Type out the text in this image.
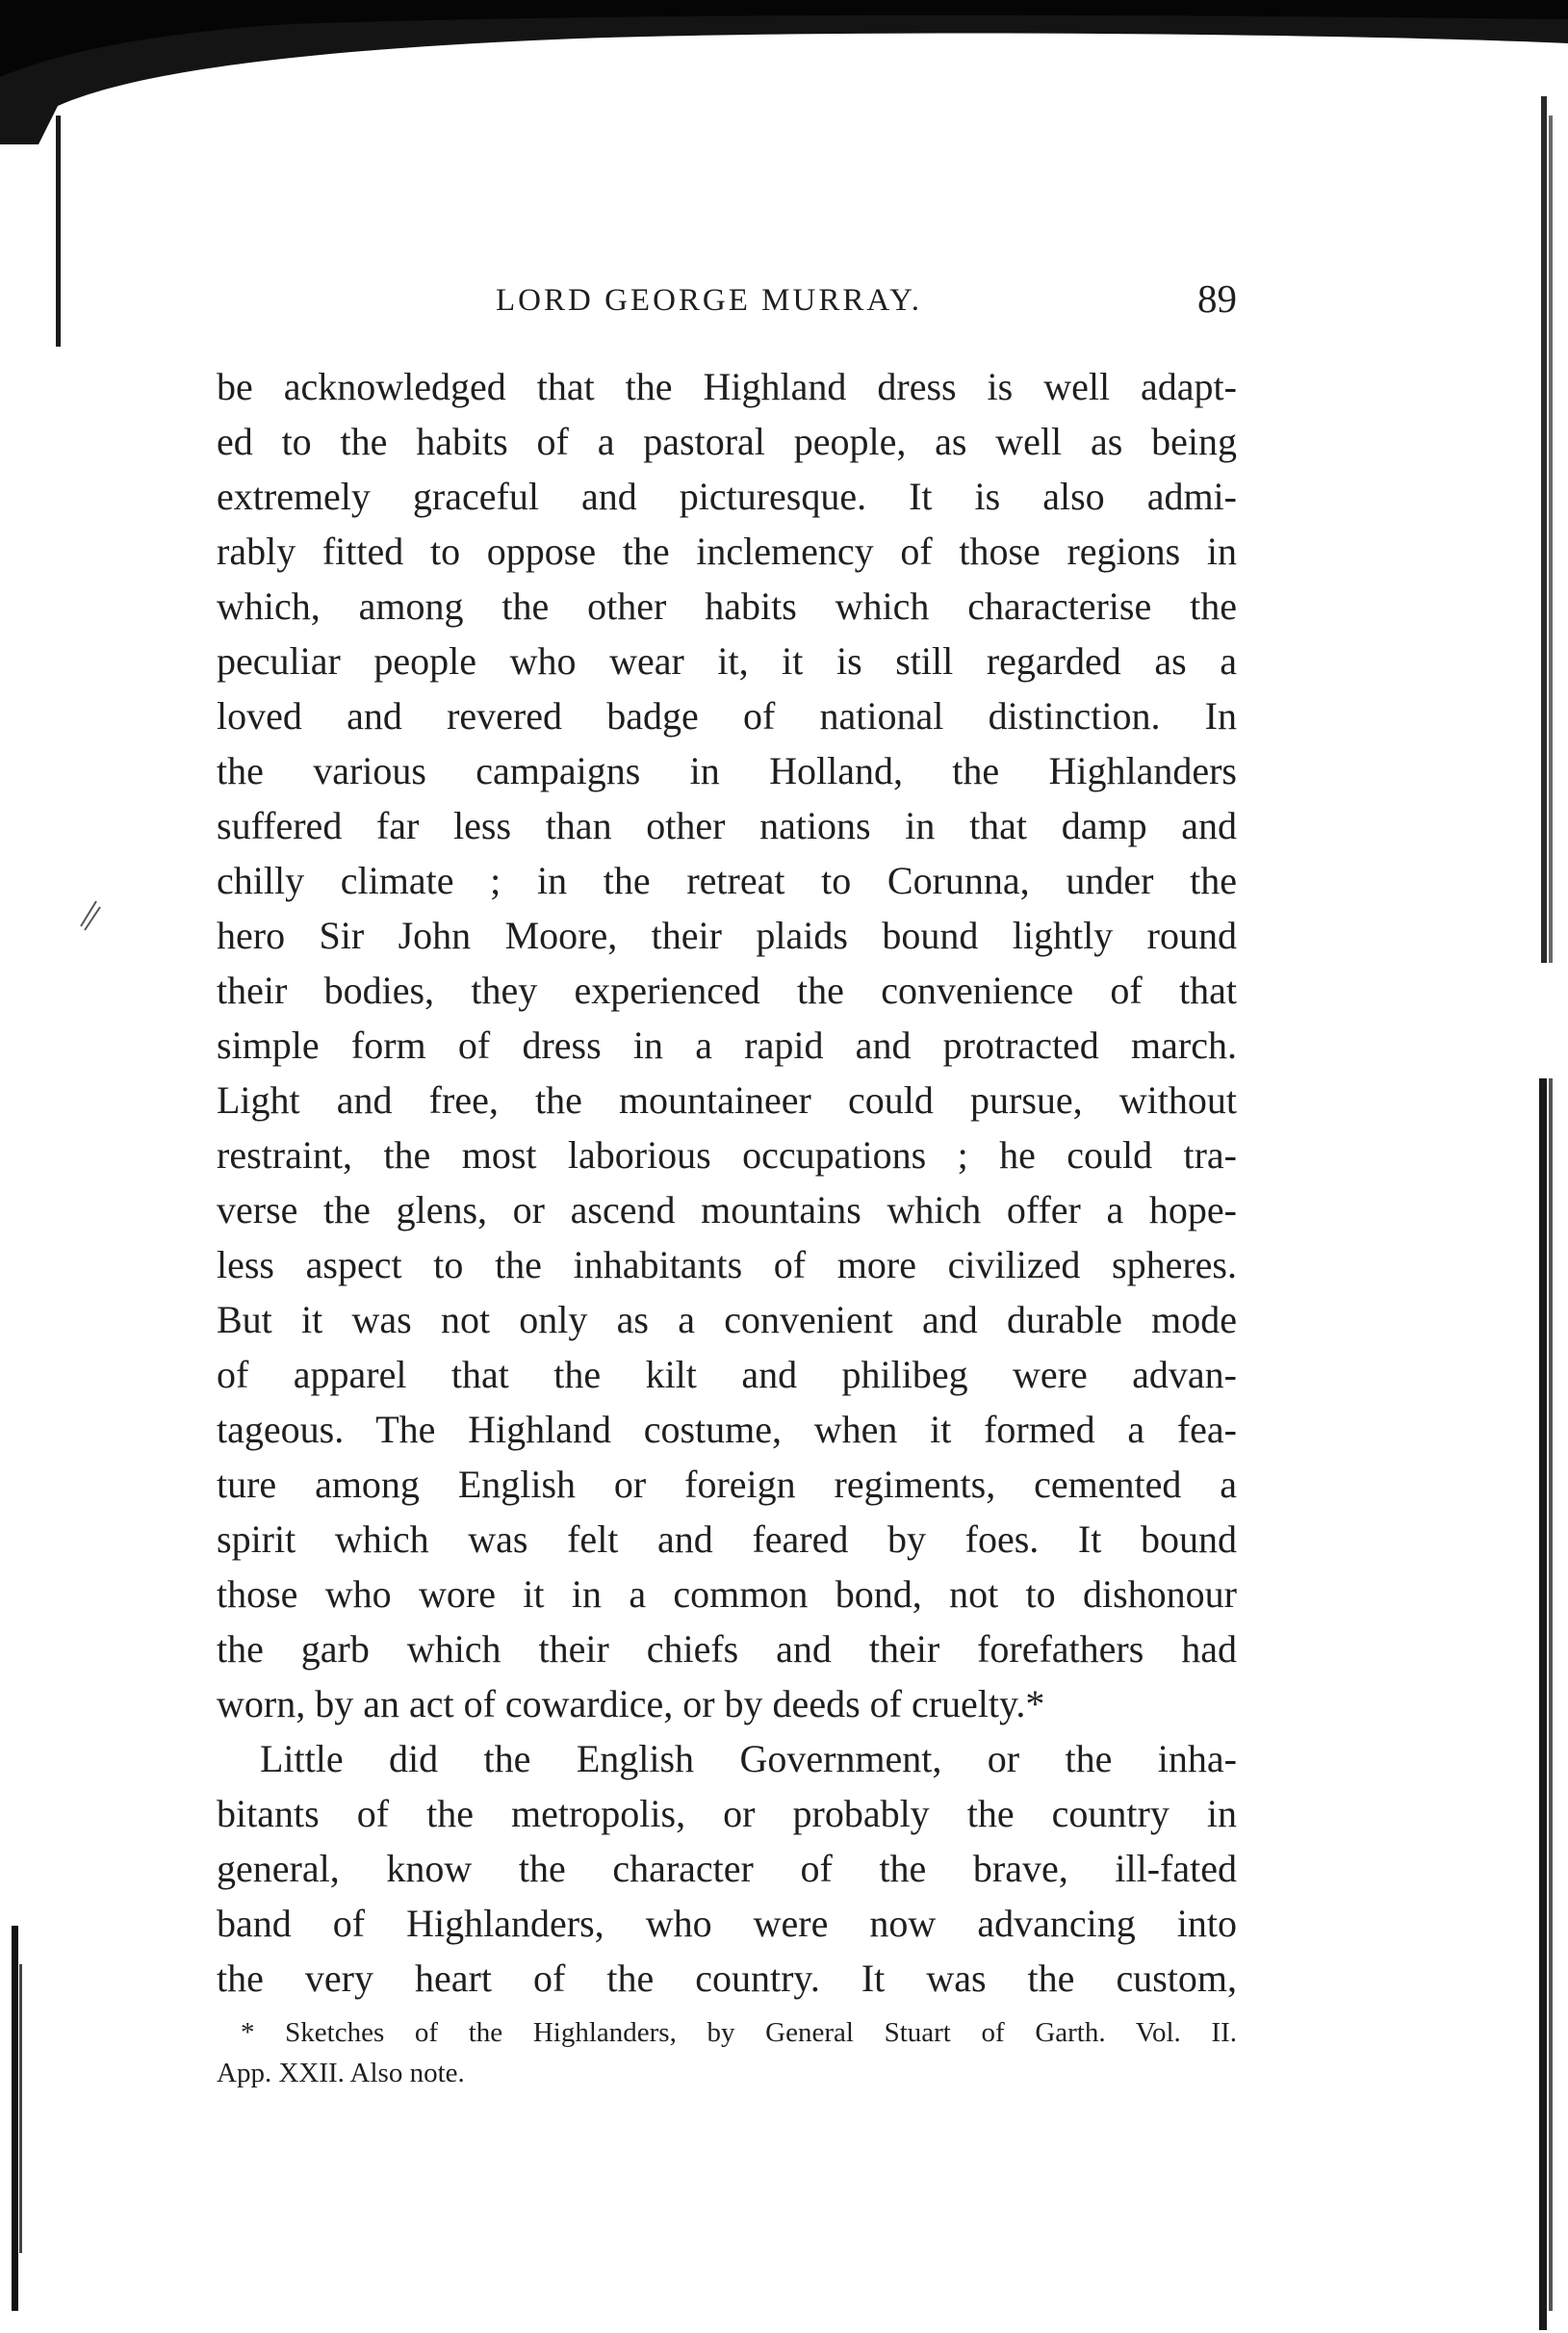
LORD GEORGE MURRAY.	89
be acknowledged that the Highland dress is well adapt-
ed to the habits of a pastoral people, as well as being
extremely graceful and picturesque. It is also admi-
rably fitted to oppose the inclemency of those regions in
which, among the other habits which characterise the
peculiar people who wear it, it is still regarded as a
loved and revered badge of national distinction. In
the various campaigns in Holland, the Highlanders
suffered far less than other nations in that damp and
chilly climate ; in the retreat to Corunna, under the
hero Sir John Moore, their plaids bound lightly round
their bodies, they experienced the convenience of that
simple form of dress in a rapid and protracted march.
Light and free, the mountaineer could pursue, without
restraint, the most laborious occupations ; he could tra-
verse the glens, or ascend mountains which offer a hope-
less aspect to the inhabitants of more civilized spheres.
But it was not only as a convenient and durable mode
of apparel that the kilt and philibeg were advan-
tageous. The Highland costume, when it formed a fea-
ture among English or foreign regiments, cemented a
spirit which was felt and feared by foes. It bound
those who wore it in a common bond, not to dishonour
the garb which their chiefs and their forefathers had
worn, by an act of cowardice, or by deeds of cruelty.*
Little did the English Government, or the inha-
bitants of the metropolis, or probably the country in
general, know the character of the brave, ill-fated
band of Highlanders, who were now advancing into
the very heart of the country. It was the custom,
* Sketches of the Highlanders, by General Stuart of Garth. Vol. II.
App. XXII. Also note.
